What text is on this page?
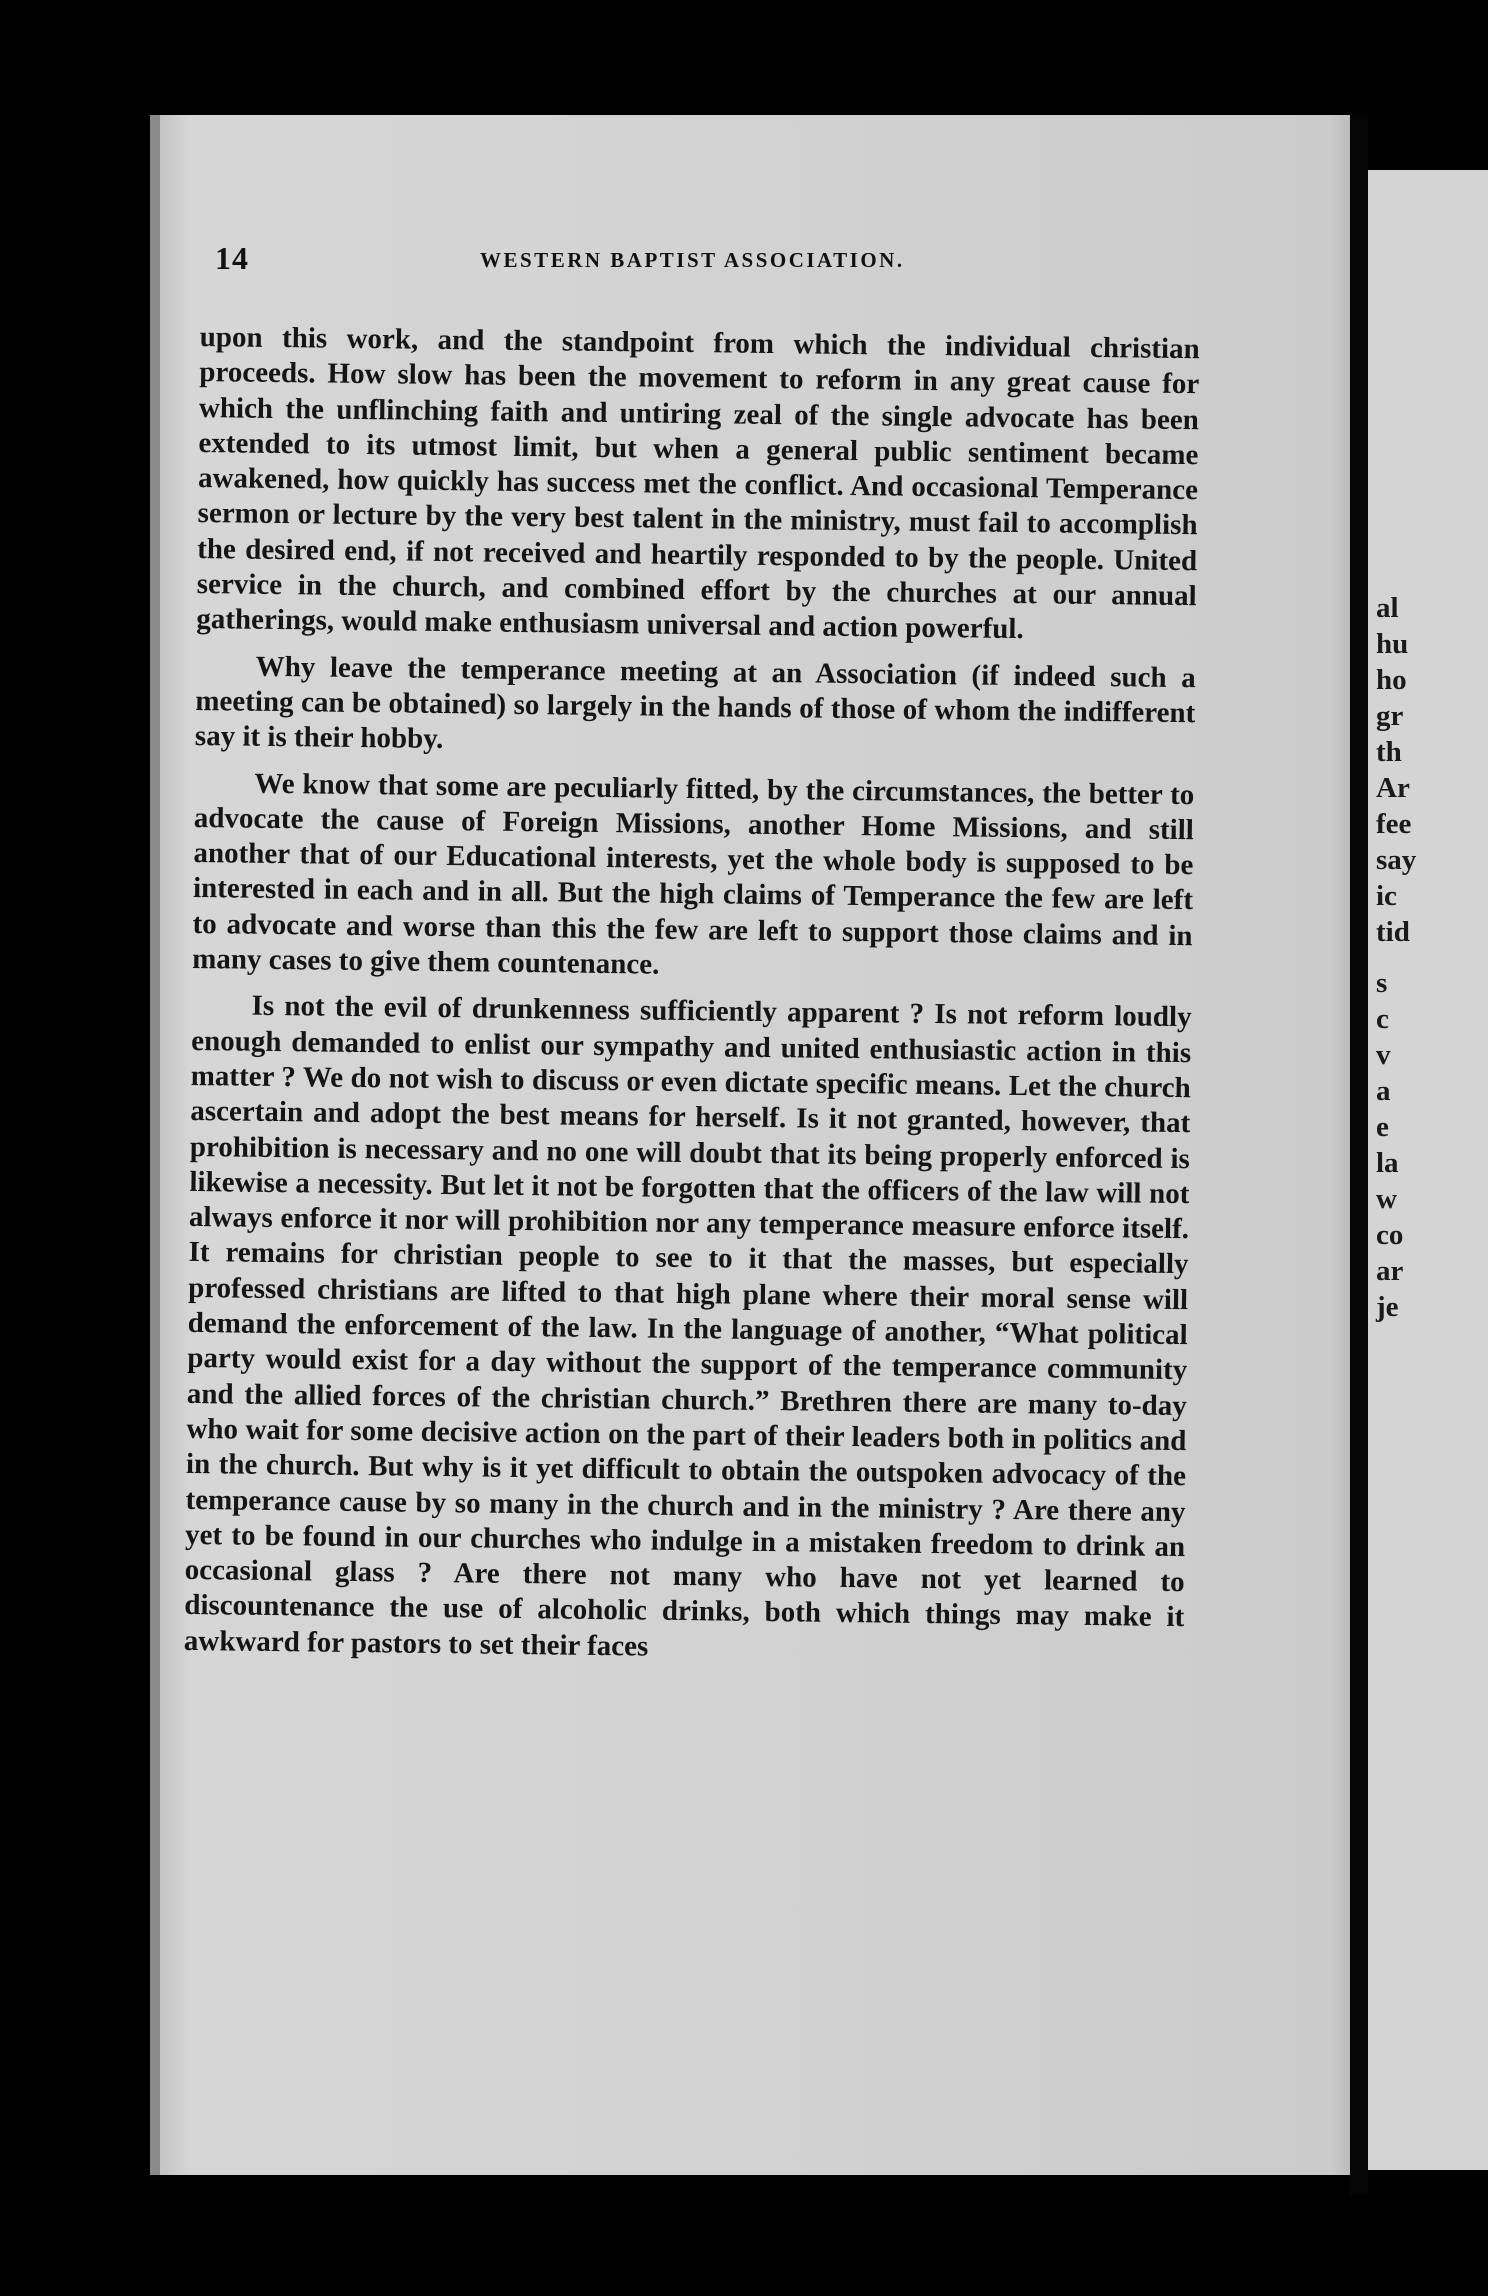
s
c
v
a
e
la
w
co
ar
je
al
hu
ho
gr
th
Ar
fee
say
ic
tid
14	WESTERN BAPTIST ASSOCIATION.

upon this work, and the standpoint from which the individual christian proceeds. How slow has been the movement to reform in any great cause for which the unflinching faith and untiring zeal of the single advocate has been extended to its utmost limit, but when a general public sentiment became awakened, how quickly has success met the conflict. And occasional Temperance sermon or lecture by the very best talent in the ministry, must fail to accomplish the desired end, if not received and heartily responded to by the people. United service in the church, and combined effort by the churches at our annual gatherings, would make enthusiasm universal and action powerful.

Why leave the temperance meeting at an Association (if indeed such a meeting can be obtained) so largely in the hands of those of whom the indifferent say it is their hobby.

We know that some are peculiarly fitted, by the circumstances, the better to advocate the cause of Foreign Missions, another Home Missions, and still another that of our Educational interests, yet the whole body is supposed to be interested in each and in all. But the high claims of Temperance the few are left to advocate and worse than this the few are left to support those claims and in many cases to give them countenance.

Is not the evil of drunkenness sufficiently apparent ? Is not reform loudly enough demanded to enlist our sympathy and united enthusiastic action in this matter ? We do not wish to discuss or even dictate specific means. Let the church ascertain and adopt the best means for herself. Is it not granted, however, that prohibition is necessary and no one will doubt that its being properly enforced is likewise a necessity. But let it not be forgotten that the officers of the law will not always enforce it nor will prohibition nor any temperance measure enforce itself. It remains for christian people to see to it that the masses, but especially professed christians are lifted to that high plane where their moral sense will demand the enforcement of the law. In the language of another, “What political party would exist for a day without the support of the temperance community and the allied forces of the christian church.” Brethren there are many to-day who wait for some decisive action on the part of their leaders both in politics and in the church. But why is it yet difficult to obtain the outspoken advocacy of the temperance cause by so many in the church and in the ministry ? Are there any yet to be found in our churches who indulge in a mistaken freedom to drink an occasional glass ? Are there not many who have not yet learned to discountenance the use of alcoholic drinks, both which things may make it awkward for pastors to set their faces
